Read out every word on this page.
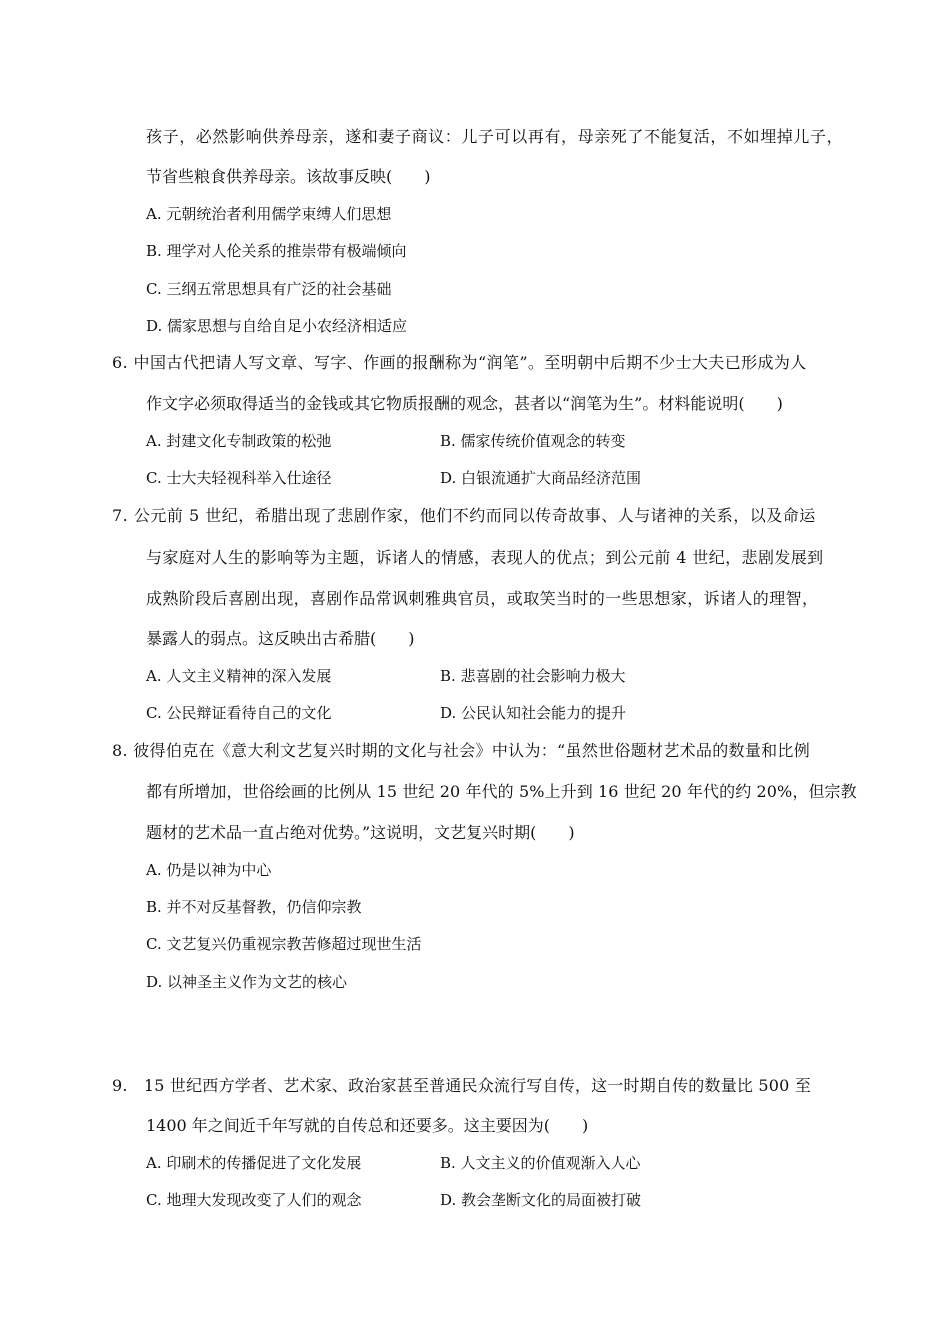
孩子，必然影响供养母亲，遂和妻子商议：儿子可以再有，母亲死了不能复活，不如埋掉儿子，
节省些粮食供养母亲。该故事反映(　　)
A. 元朝统治者利用儒学束缚人们思想
B. 理学对人伦关系的推崇带有极端倾向
C. 三纲五常思想具有广泛的社会基础
D. 儒家思想与自给自足小农经济相适应
6. 中国古代把请人写文章、写字、作画的报酬称为“润笔”。至明朝中后期不少士大夫已形成为人
作文字必须取得适当的金钱或其它物质报酬的观念，甚者以“润笔为生”。材料能说明(　　)
A. 封建文化专制政策的松弛	B. 儒家传统价值观念的转变
C. 士大夫轻视科举入仕途径	D. 白银流通扩大商品经济范围
7. 公元前 5 世纪，希腊出现了悲剧作家，他们不约而同以传奇故事、人与诸神的关系，以及命运
与家庭对人生的影响等为主题，诉诸人的情感，表现人的优点；到公元前 4 世纪，悲剧发展到
成熟阶段后喜剧出现，喜剧作品常讽刺雅典官员，或取笑当时的一些思想家，诉诸人的理智，
暴露人的弱点。这反映出古希腊(　　)
A. 人文主义精神的深入发展	B. 悲喜剧的社会影响力极大
C. 公民辩证看待自己的文化	D. 公民认知社会能力的提升
8. 彼得伯克在《意大利文艺复兴时期的文化与社会》中认为：“虽然世俗题材艺术品的数量和比例
都有所增加，世俗绘画的比例从 15 世纪 20 年代的 5%上升到 16 世纪 20 年代的约 20%，但宗教
题材的艺术品一直占绝对优势。”这说明，文艺复兴时期(　　)
A. 仍是以神为中心
B. 并不对反基督教，仍信仰宗教
C. 文艺复兴仍重视宗教苦修超过现世生活
D. 以神圣主义作为文艺的核心
9.　15 世纪西方学者、艺术家、政治家甚至普通民众流行写自传，这一时期自传的数量比 500 至
1400 年之间近千年写就的自传总和还要多。这主要因为(　　)
A. 印刷术的传播促进了文化发展	B. 人文主义的价值观渐入人心
C. 地理大发现改变了人们的观念	D. 教会垄断文化的局面被打破
